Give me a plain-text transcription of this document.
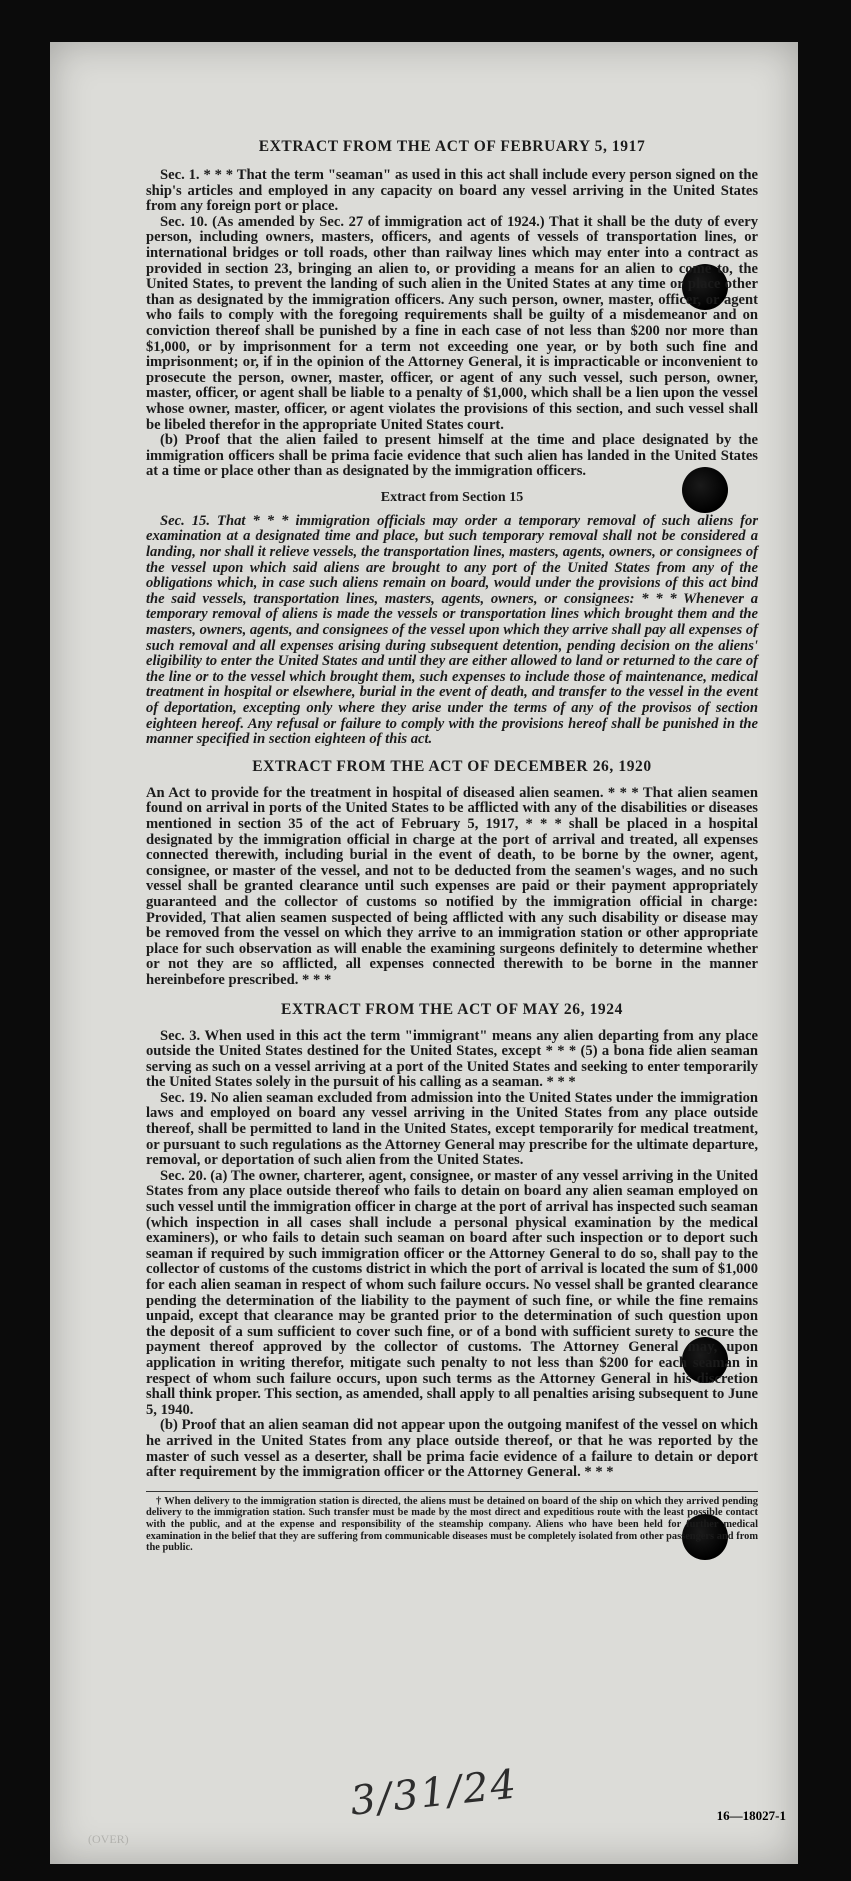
EXTRACT FROM THE ACT OF FEBRUARY 5, 1917

Sec. 1. * * * That the term "seaman" as used in this act shall include every person signed on the ship's articles and employed in any capacity on board any vessel arriving in the United States from any foreign port or place.

Sec. 10. (As amended by Sec. 27 of immigration act of 1924.) That it shall be the duty of every person, including owners, masters, officers, and agents of vessels of transportation lines, or international bridges or toll roads, other than railway lines which may enter into a contract as provided in section 23, bringing an alien to, or providing a means for an alien to come to, the United States, to prevent the landing of such alien in the United States at any time or place other than as designated by the immigration officers. Any such person, owner, master, officer, or agent who fails to comply with the foregoing requirements shall be guilty of a misdemeanor and on conviction thereof shall be punished by a fine in each case of not less than $200 nor more than $1,000, or by imprisonment for a term not exceeding one year, or by both such fine and imprisonment; or, if in the opinion of the Attorney General, it is impracticable or inconvenient to prosecute the person, owner, master, officer, or agent of any such vessel, such person, owner, master, officer, or agent shall be liable to a penalty of $1,000, which shall be a lien upon the vessel whose owner, master, officer, or agent violates the provisions of this section, and such vessel shall be libeled therefor in the appropriate United States court.

(b) Proof that the alien failed to present himself at the time and place designated by the immigration officers shall be prima facie evidence that such alien has landed in the United States at a time or place other than as designated by the immigration officers.

Extract from Section 15

Sec. 15. That * * * immigration officials may order a temporary removal of such aliens for examination at a designated time and place, but such temporary removal shall not be considered a landing, nor shall it relieve vessels, the transportation lines, masters, agents, owners, or consignees of the vessel upon which said aliens are brought to any port of the United States from any of the obligations which, in case such aliens remain on board, would under the provisions of this act bind the said vessels, transportation lines, masters, agents, owners, or consignees: * * * Whenever a temporary removal of aliens is made the vessels or transportation lines which brought them and the masters, owners, agents, and consignees of the vessel upon which they arrive shall pay all expenses of such removal and all expenses arising during subsequent detention, pending decision on the aliens' eligibility to enter the United States and until they are either allowed to land or returned to the care of the line or to the vessel which brought them, such expenses to include those of maintenance, medical treatment in hospital or elsewhere, burial in the event of death, and transfer to the vessel in the event of deportation, excepting only where they arise under the terms of any of the provisos of section eighteen hereof. Any refusal or failure to comply with the provisions hereof shall be punished in the manner specified in section eighteen of this act.

EXTRACT FROM THE ACT OF DECEMBER 26, 1920

An Act to provide for the treatment in hospital of diseased alien seamen. * * * That alien seamen found on arrival in ports of the United States to be afflicted with any of the disabilities or diseases mentioned in section 35 of the act of February 5, 1917, * * * shall be placed in a hospital designated by the immigration official in charge at the port of arrival and treated, all expenses connected therewith, including burial in the event of death, to be borne by the owner, agent, consignee, or master of the vessel, and not to be deducted from the seamen's wages, and no such vessel shall be granted clearance until such expenses are paid or their payment appropriately guaranteed and the collector of customs so notified by the immigration official in charge: Provided, That alien seamen suspected of being afflicted with any such disability or disease may be removed from the vessel on which they arrive to an immigration station or other appropriate place for such observation as will enable the examining surgeons definitely to determine whether or not they are so afflicted, all expenses connected therewith to be borne in the manner hereinbefore prescribed. * * *

EXTRACT FROM THE ACT OF MAY 26, 1924

Sec. 3. When used in this act the term "immigrant" means any alien departing from any place outside the United States destined for the United States, except * * * (5) a bona fide alien seaman serving as such on a vessel arriving at a port of the United States and seeking to enter temporarily the United States solely in the pursuit of his calling as a seaman. * * *

Sec. 19. No alien seaman excluded from admission into the United States under the immigration laws and employed on board any vessel arriving in the United States from any place outside thereof, shall be permitted to land in the United States, except temporarily for medical treatment, or pursuant to such regulations as the Attorney General may prescribe for the ultimate departure, removal, or deportation of such alien from the United States.

Sec. 20. (a) The owner, charterer, agent, consignee, or master of any vessel arriving in the United States from any place outside thereof who fails to detain on board any alien seaman employed on such vessel until the immigration officer in charge at the port of arrival has inspected such seaman (which inspection in all cases shall include a personal physical examination by the medical examiners), or who fails to detain such seaman on board after such inspection or to deport such seaman if required by such immigration officer or the Attorney General to do so, shall pay to the collector of customs of the customs district in which the port of arrival is located the sum of $1,000 for each alien seaman in respect of whom such failure occurs. No vessel shall be granted clearance pending the determination of the liability to the payment of such fine, or while the fine remains unpaid, except that clearance may be granted prior to the determination of such question upon the deposit of a sum sufficient to cover such fine, or of a bond with sufficient surety to secure the payment thereof approved by the collector of customs. The Attorney General may, upon application in writing therefor, mitigate such penalty to not less than $200 for each seaman in respect of whom such failure occurs, upon such terms as the Attorney General in his discretion shall think proper. This section, as amended, shall apply to all penalties arising subsequent to June 5, 1940.

(b) Proof that an alien seaman did not appear upon the outgoing manifest of the vessel on which he arrived in the United States from any place outside thereof, or that he was reported by the master of such vessel as a deserter, shall be prima facie evidence of a failure to detain or deport after requirement by the immigration officer or the Attorney General. * * *

† When delivery to the immigration station is directed, the aliens must be detained on board of the ship on which they arrived pending delivery to the immigration station. Such transfer must be made by the most direct and expeditious route with the least possible contact with the public, and at the expense and responsibility of the steamship company. Aliens who have been held for further medical examination in the belief that they are suffering from communicable diseases must be completely isolated from other passengers and from the public.

16—18027-1
3/31/24
(OVER)
